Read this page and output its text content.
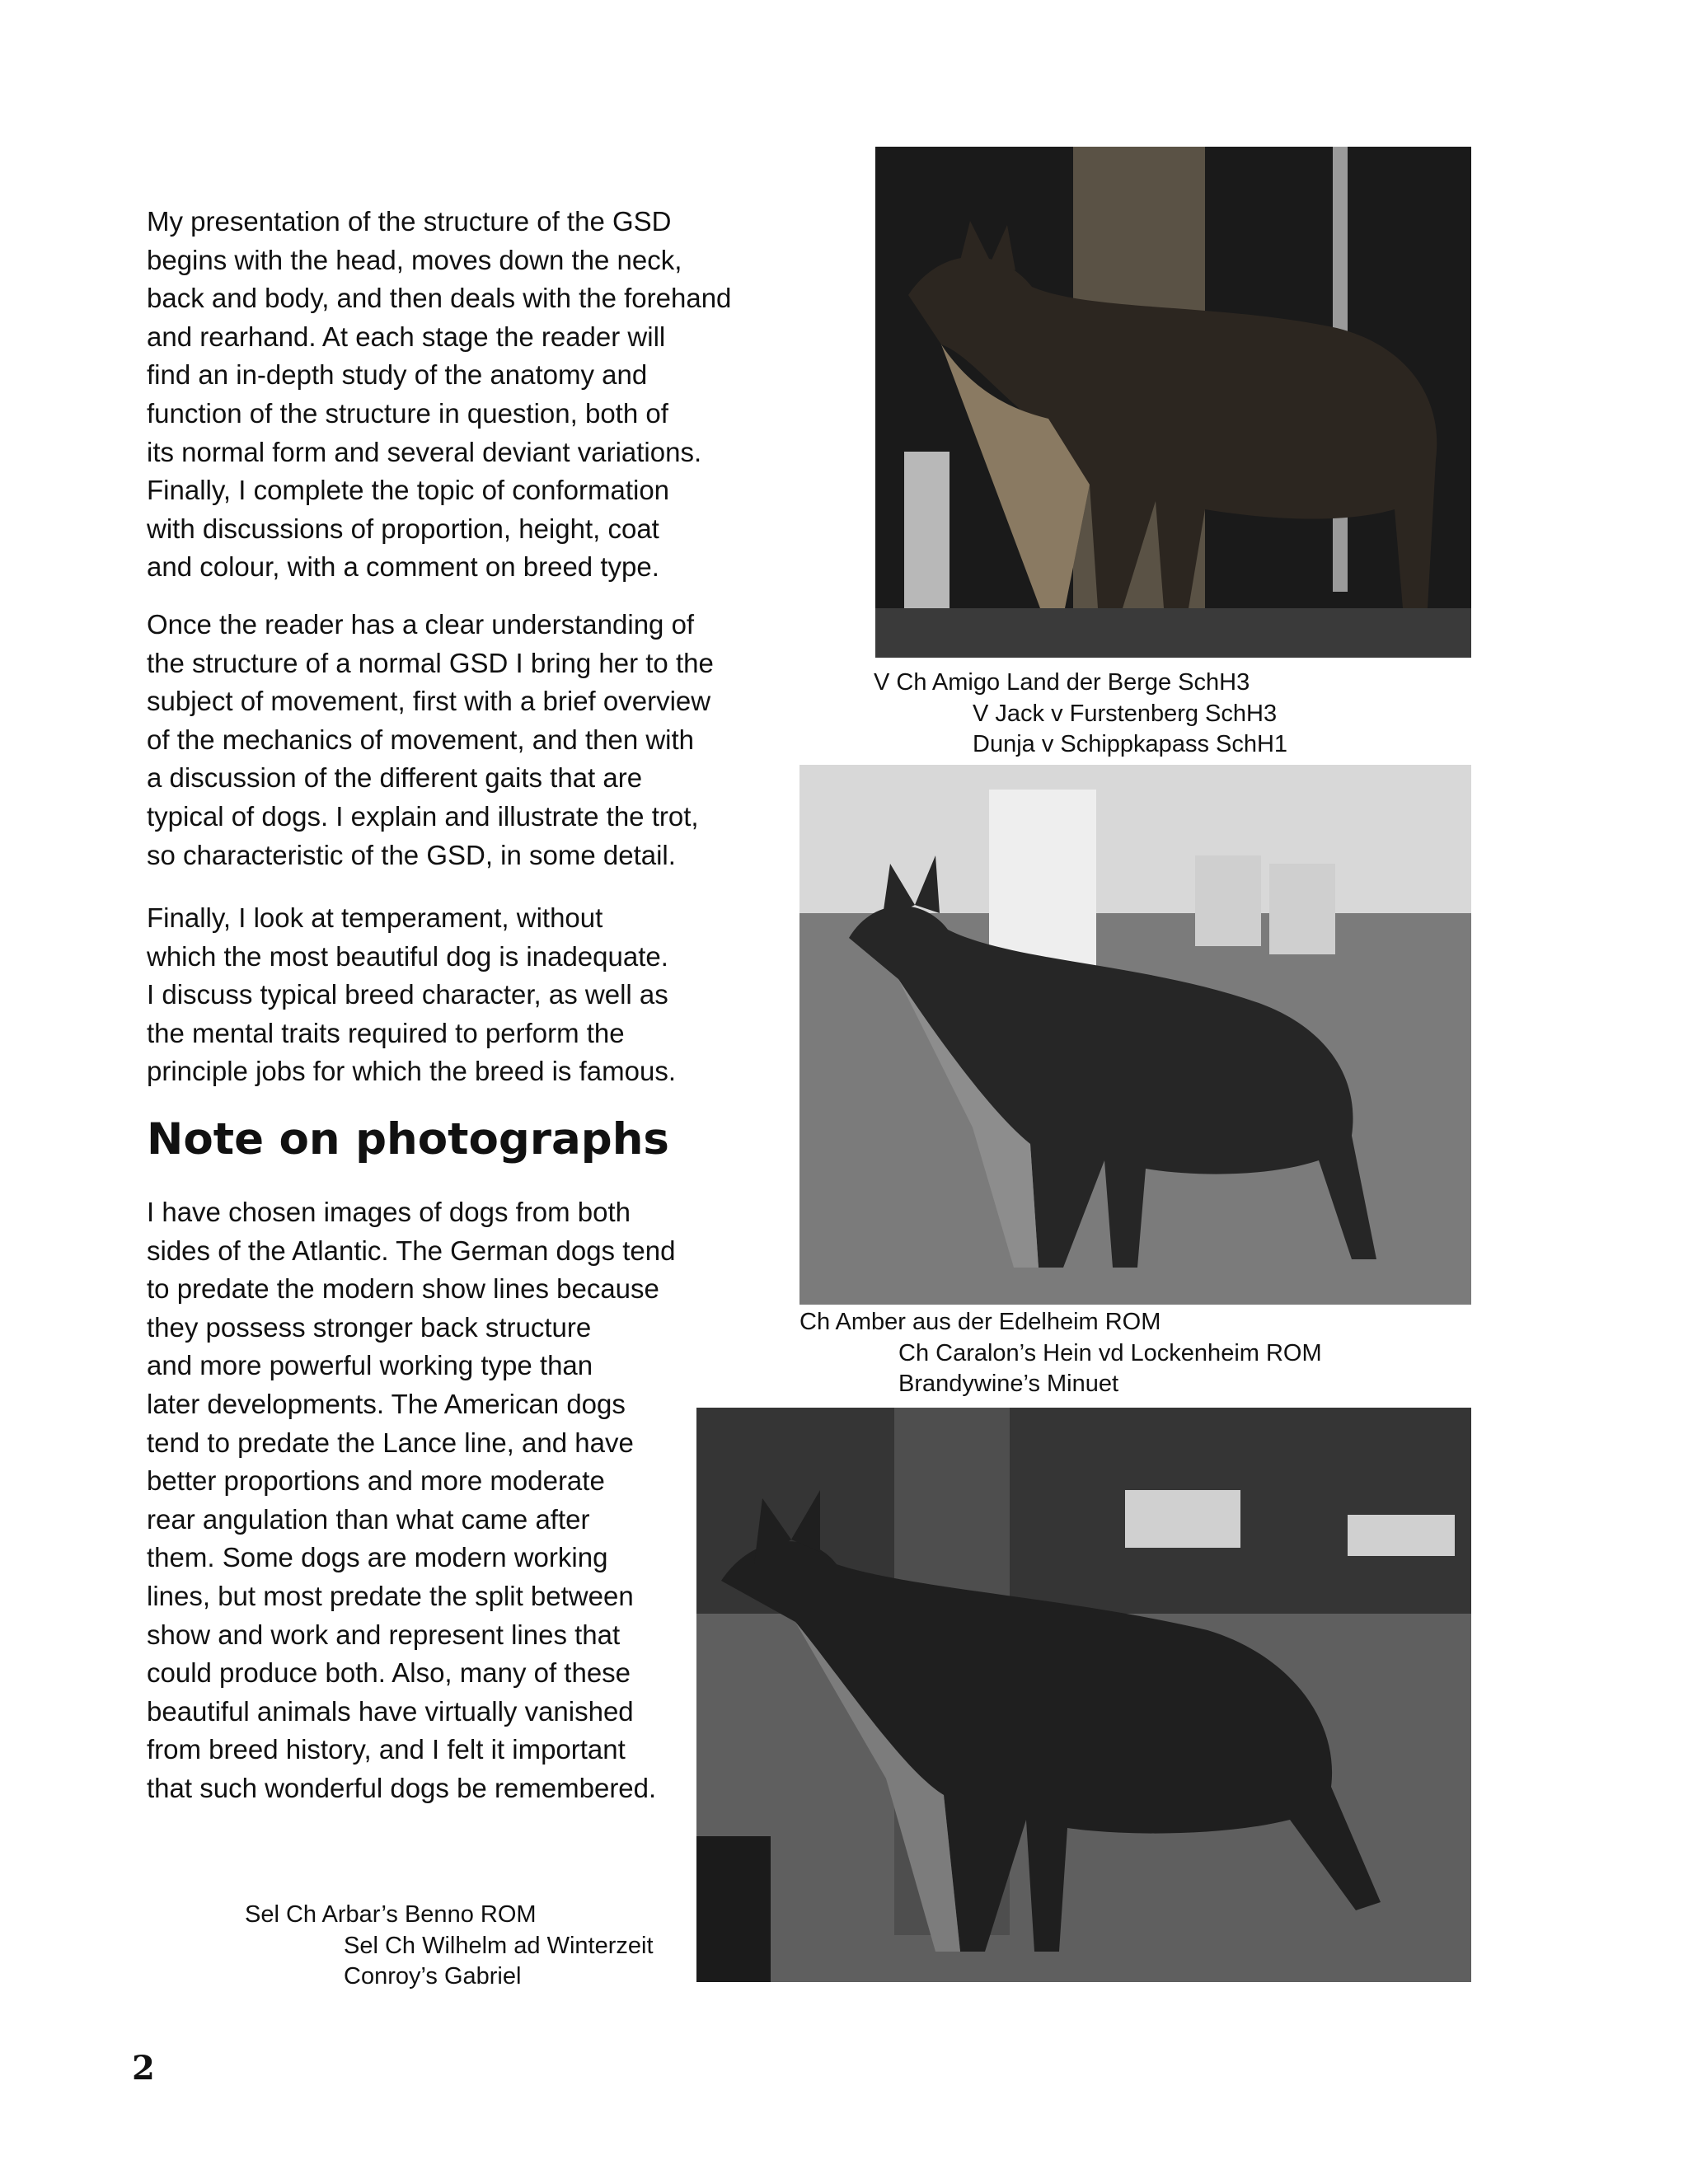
My presentation of the structure of the GSD
begins with the head, moves down the neck,
back and body, and then deals with the forehand
and rearhand. At each stage the reader will
find an in-depth study of the anatomy and
function of the structure in question, both of
its normal form and several deviant variations.
Finally, I complete the topic of conformation
with discussions of proportion, height, coat
and colour, with a comment on breed type.

Once the reader has a clear understanding of
the structure of a normal GSD I bring her to the
subject of movement, first with a brief overview
of the mechanics of movement, and then with
a discussion of the different gaits that are
typical of dogs. I explain and illustrate the trot,
so characteristic of the GSD, in some detail.

Finally, I look at temperament, without
which the most beautiful dog is inadequate.
I discuss typical breed character, as well as
the mental traits required to perform the
principle jobs for which the breed is famous.

Note on photographs

I have chosen images of dogs from both
sides of the Atlantic. The German dogs tend
to predate the modern show lines because
they possess stronger back structure
and more powerful working type than
later developments. The American dogs
tend to predate the Lance line, and have
better proportions and more moderate
rear angulation than what came after
them. Some dogs are modern working
lines, but most predate the split between
show and work and represent lines that
could produce both. Also, many of these
beautiful animals have virtually vanished
from breed history, and I felt it important
that such wonderful dogs be remembered.

V Ch Amigo Land der Berge SchH3
V Jack v Furstenberg SchH3
Dunja v Schippkapass SchH1
Ch Amber aus der Edelheim ROM
Ch Caralon’s Hein vd Lockenheim ROM
Brandywine’s Minuet
Sel Ch Arbar’s Benno ROM
Sel Ch Wilhelm ad Winterzeit
Conroy’s Gabriel
2
